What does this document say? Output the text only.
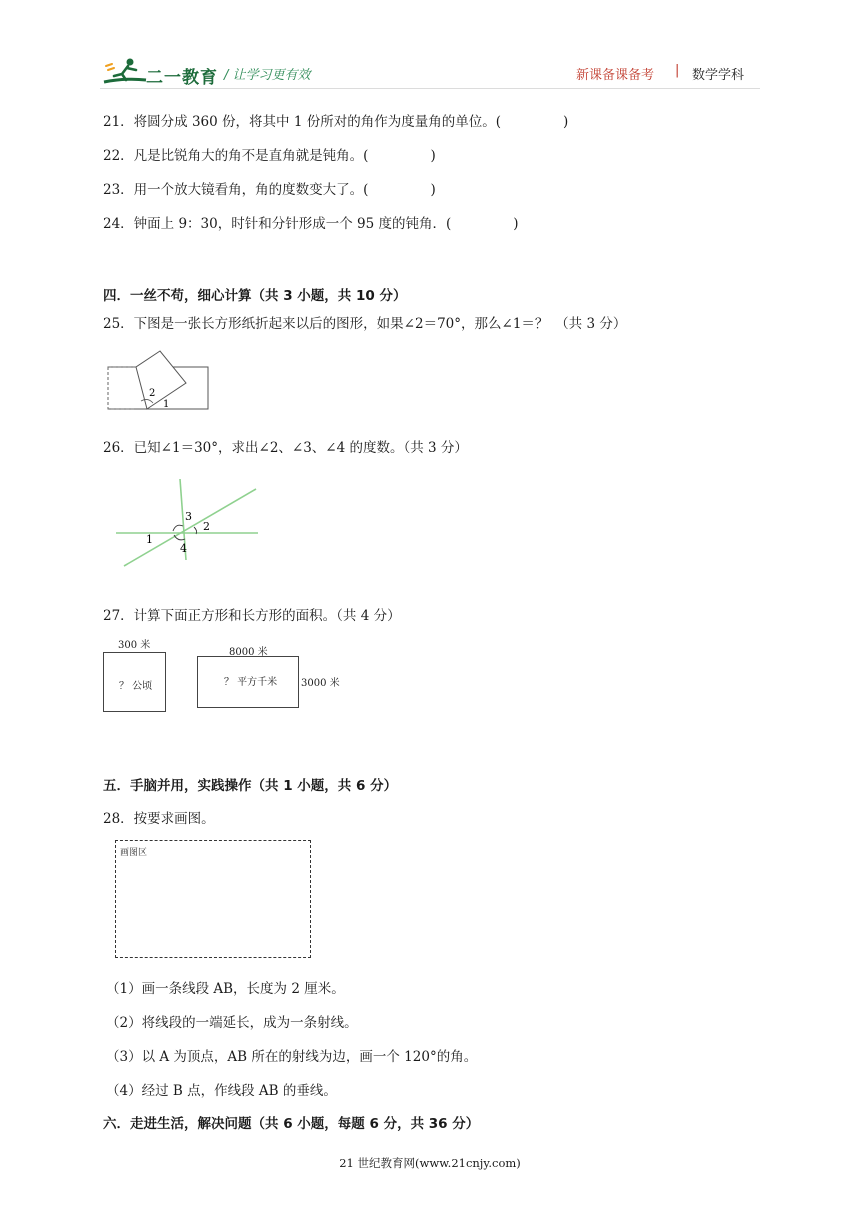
二一教育 / 让学习更有效	新课备课备考 | 数学学科
21．将圆分成 360 份，将其中 1 份所对的角作为度量角的单位。(	)
22．凡是比锐角大的角不是直角就是钝角。(	)
23．用一个放大镜看角，角的度数变大了。(	)
24．钟面上 9：30，时针和分针形成一个 95 度的钝角．(	)
四．一丝不苟，细心计算（共 3 小题，共 10 分）
25．下图是一张长方形纸折起来以后的图形，如果∠2＝70°，那么∠1＝？　（共 3 分）
2
1
26．已知∠1＝30°，求出∠2、∠3、∠4 的度数。（共 3 分）
1
2
3
4
27．计算下面正方形和长方形的面积。（共 4 分）
300 米
？ 公顷
8000 米
？ 平方千米 3000 米
五．手脑并用，实践操作（共 1 小题，共 6 分）
28．按要求画图。
画图区
（1）画一条线段 AB，长度为 2 厘米。
（2）将线段的一端延长，成为一条射线。
（3）以 A 为顶点，AB 所在的射线为边，画一个 120°的角。
（4）经过 B 点，作线段 AB 的垂线。
六．走进生活，解决问题（共 6 小题，每题 6 分，共 36 分）
21 世纪教育网(www.21cnjy.com)
